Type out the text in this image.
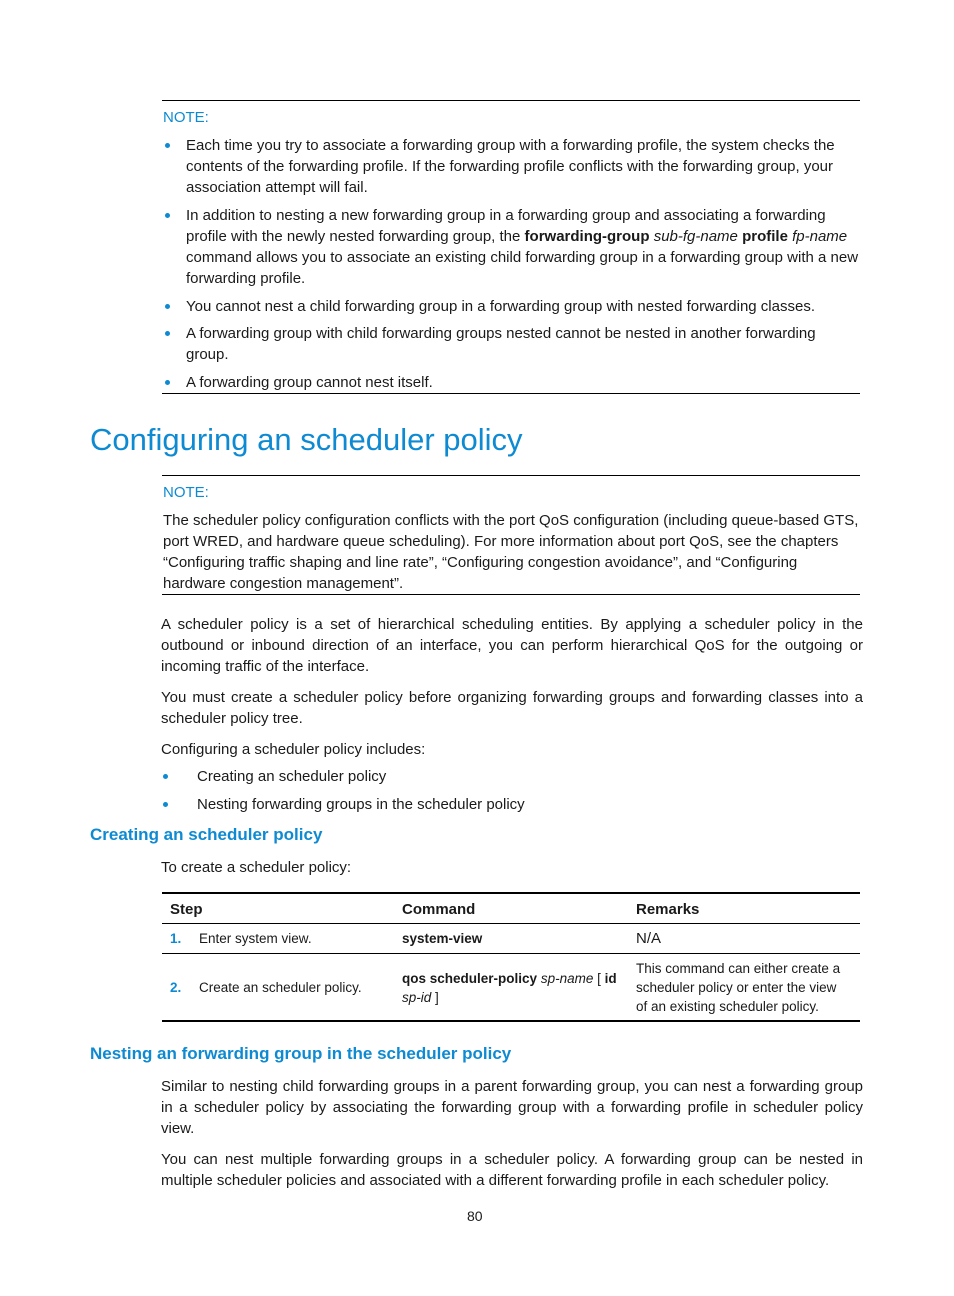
NOTE:
Each time you try to associate a forwarding group with a forwarding profile, the system checks the contents of the forwarding profile. If the forwarding profile conflicts with the forwarding group, your association attempt will fail.
In addition to nesting a new forwarding group in a forwarding group and associating a forwarding profile with the newly nested forwarding group, the forwarding-group sub-fg-name profile fp-name command allows you to associate an existing child forwarding group in a forwarding group with a new forwarding profile.
You cannot nest a child forwarding group in a forwarding group with nested forwarding classes.
A forwarding group with child forwarding groups nested cannot be nested in another forwarding group.
A forwarding group cannot nest itself.
Configuring an scheduler policy
NOTE:
The scheduler policy configuration conflicts with the port QoS configuration (including queue-based GTS, port WRED, and hardware queue scheduling). For more information about port QoS, see the chapters “Configuring traffic shaping and line rate”, “Configuring congestion avoidance”, and “Configuring hardware congestion management”.
A scheduler policy is a set of hierarchical scheduling entities. By applying a scheduler policy in the outbound or inbound direction of an interface, you can perform hierarchical QoS for the outgoing or incoming traffic of the interface.
You must create a scheduler policy before organizing forwarding groups and forwarding classes into a scheduler policy tree.
Configuring a scheduler policy includes:
Creating an scheduler policy
Nesting forwarding groups in the scheduler policy
Creating an scheduler policy
To create a scheduler policy:
Step	Command	Remarks
1. Enter system view.	system-view	N/A
2. Create an scheduler policy.	qos scheduler-policy sp-name [ id sp-id ]	This command can either create a scheduler policy or enter the view of an existing scheduler policy.
Nesting an forwarding group in the scheduler policy
Similar to nesting child forwarding groups in a parent forwarding group, you can nest a forwarding group in a scheduler policy by associating the forwarding group with a forwarding profile in scheduler policy view.
You can nest multiple forwarding groups in a scheduler policy. A forwarding group can be nested in multiple scheduler policies and associated with a different forwarding profile in each scheduler policy.
80
